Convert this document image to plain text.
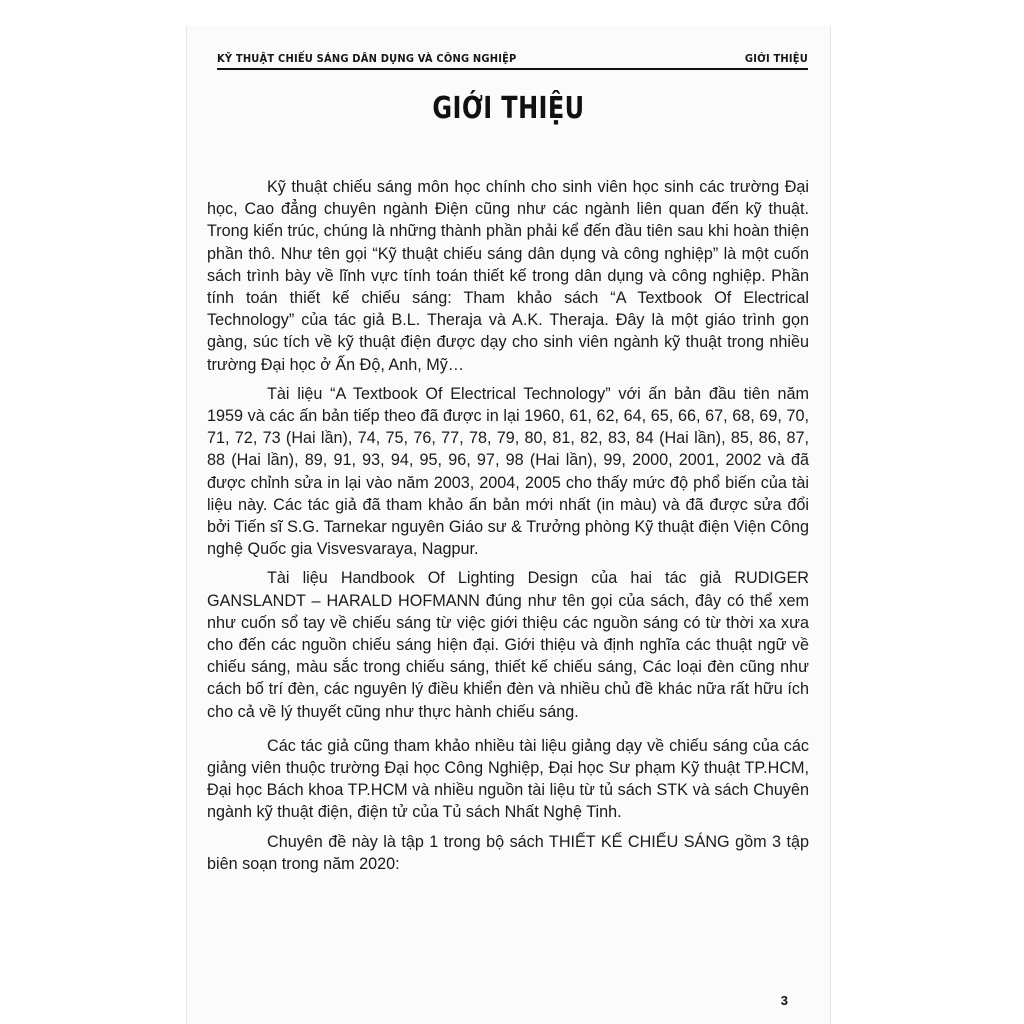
KỸ THUẬT CHIẾU SÁNG DÂN DỤNG VÀ CÔNG NGHIỆP	GIỚI THIỆU
GIỚI THIỆU

Kỹ thuật chiếu sáng môn học chính cho sinh viên học sinh các trường Đại học, Cao đẳng chuyên ngành Điện cũng như các ngành liên quan đến kỹ thuật. Trong kiến trúc, chúng là những thành phần phải kể đến đầu tiên sau khi hoàn thiện phần thô. Như tên gọi “Kỹ thuật chiếu sáng dân dụng và công nghiệp” là một cuốn sách trình bày về lĩnh vực tính toán thiết kế trong dân dụng và công nghiệp. Phần tính toán thiết kế chiếu sáng: Tham khảo sách “A Textbook Of Electrical Technology” của tác giả B.L. Theraja và A.K. Theraja. Đây là một giáo trình gọn gàng, súc tích về kỹ thuật điện được dạy cho sinh viên ngành kỹ thuật trong nhiều trường Đại học ở Ấn Độ, Anh, Mỹ…

Tài liệu “A Textbook Of Electrical Technology” với ấn bản đầu tiên năm 1959 và các ấn bản tiếp theo đã được in lại 1960, 61, 62, 64, 65, 66, 67, 68, 69, 70, 71, 72, 73 (Hai lần), 74, 75, 76, 77, 78, 79, 80, 81, 82, 83, 84 (Hai lần), 85, 86, 87, 88 (Hai lần), 89, 91, 93, 94, 95, 96, 97, 98 (Hai lần), 99, 2000, 2001, 2002 và đã được chỉnh sửa in lại vào năm 2003, 2004, 2005 cho thấy mức độ phổ biến của tài liệu này. Các tác giả đã tham khảo ấn bản mới nhất (in màu) và đã được sửa đổi bởi Tiến sĩ S.G. Tarnekar nguyên Giáo sư & Trưởng phòng Kỹ thuật điện Viện Công nghệ Quốc gia Visvesvaraya, Nagpur.

Tài liệu Handbook Of Lighting Design của hai tác giả RUDIGER GANSLANDT – HARALD HOFMANN đúng như tên gọi của sách, đây có thể xem như cuốn sổ tay về chiếu sáng từ việc giới thiệu các nguồn sáng có từ thời xa xưa cho đến các nguồn chiếu sáng hiện đại. Giới thiệu và định nghĩa các thuật ngữ về chiếu sáng, màu sắc trong chiếu sáng, thiết kế chiếu sáng, Các loại đèn cũng như cách bố trí đèn, các nguyên lý điều khiển đèn và nhiều chủ đề khác nữa rất hữu ích cho cả về lý thuyết cũng như thực hành chiếu sáng.

Các tác giả cũng tham khảo nhiều tài liệu giảng dạy về chiếu sáng của các giảng viên thuộc trường Đại học Công Nghiệp, Đại học Sư phạm Kỹ thuật TP.HCM, Đại học Bách khoa TP.HCM và nhiều nguồn tài liệu từ tủ sách STK và sách Chuyên ngành kỹ thuật điện, điện tử của Tủ sách Nhất Nghệ Tinh.

Chuyên đề này là tập 1 trong bộ sách THIẾT KẾ CHIẾU SÁNG gồm 3 tập biên soạn trong năm 2020:

3
